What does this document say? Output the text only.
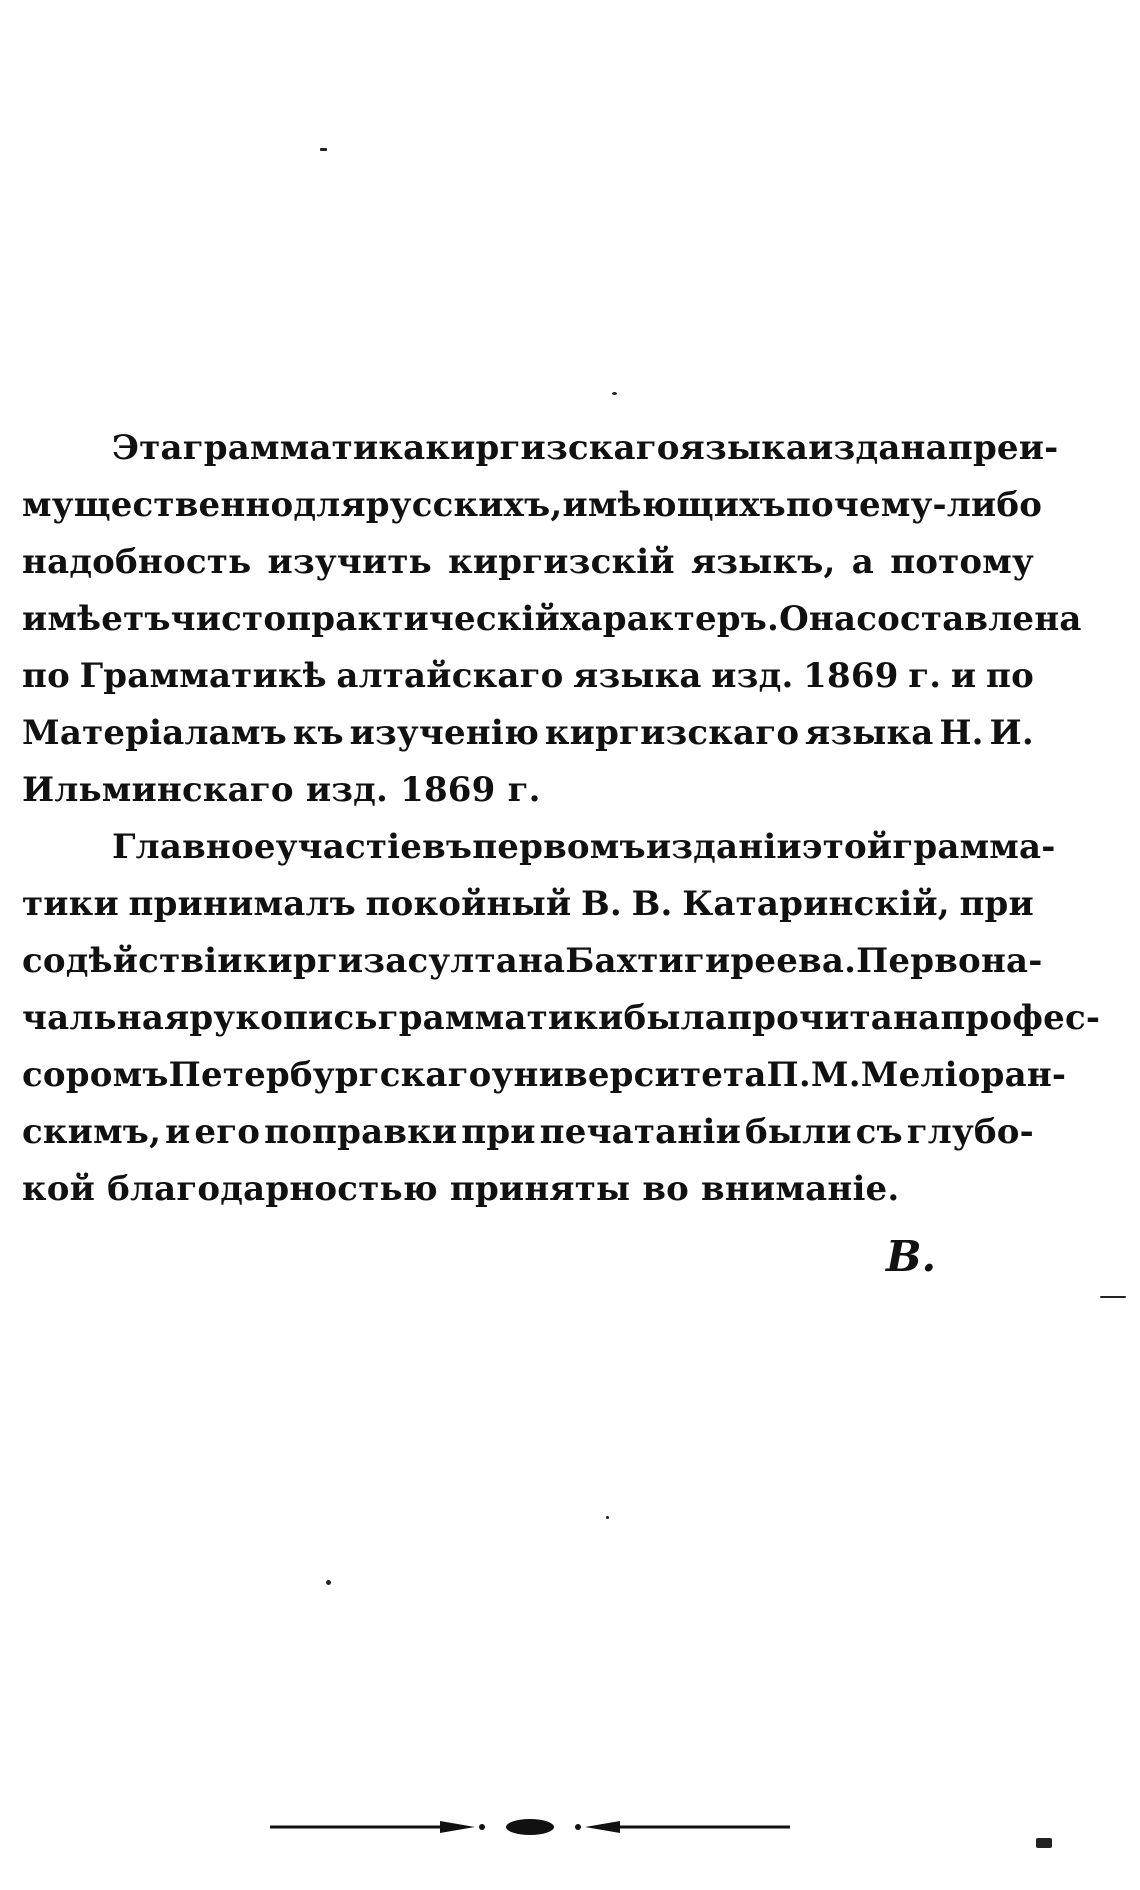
Эта грамматика киргизскаго языка издана преи-
мущественно для русскихъ, имѣющихъ почему-либо
надобность изучить киргизскій языкъ, а потому
имѣетъ чисто практическій характеръ. Она составлена
по Грамматикѣ алтайскаго языка изд. 1869 г. и по
Матеріаламъ къ изученію киргизскаго языка Н. И.
Ильминскаго изд. 1869 г.
Главное участіе въ первомъ изданіи этой грамма-
тики принималъ покойный В. В. Катаринскій, при
содѣйствіи киргиза султана Бахтигиреева. Первона-
чальная рукопись грамматики была прочитана профес-
соромъ Петербургскаго университета П. М. Меліоран-
скимъ, и его поправки при печатаніи были съ глубо-
кой благодарностью приняты во вниманіе.
В.
